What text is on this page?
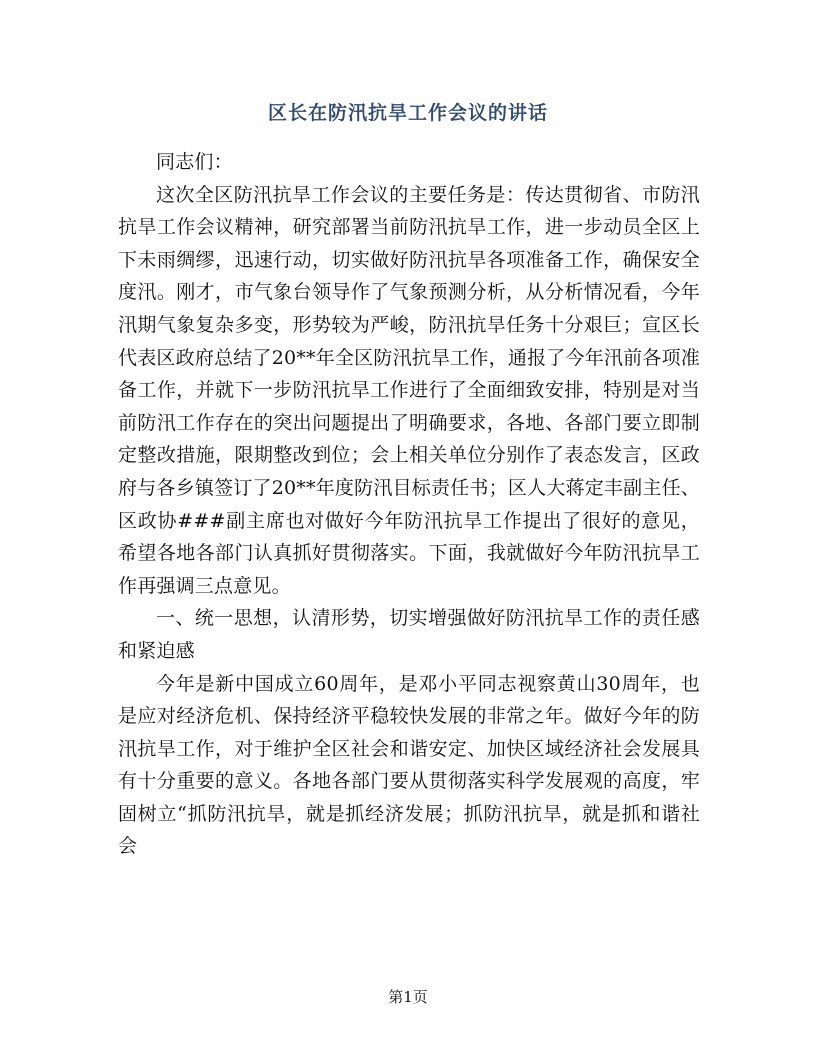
区长在防汛抗旱工作会议的讲话

同志们：

这次全区防汛抗旱工作会议的主要任务是：传达贯彻省、市防汛抗旱工作会议精神，研究部署当前防汛抗旱工作，进一步动员全区上下未雨绸缪，迅速行动，切实做好防汛抗旱各项准备工作，确保安全度汛。刚才，市气象台领导作了气象预测分析，从分析情况看，今年汛期气象复杂多变，形势较为严峻，防汛抗旱任务十分艰巨；宣区长代表区政府总结了20**年全区防汛抗旱工作，通报了今年汛前各项准备工作，并就下一步防汛抗旱工作进行了全面细致安排，特别是对当前防汛工作存在的突出问题提出了明确要求，各地、各部门要立即制定整改措施，限期整改到位；会上相关单位分别作了表态发言，区政府与各乡镇签订了20**年度防汛目标责任书；区人大蒋定丰副主任、区政协###副主席也对做好今年防汛抗旱工作提出了很好的意见，希望各地各部门认真抓好贯彻落实。下面，我就做好今年防汛抗旱工作再强调三点意见。

一、统一思想，认清形势，切实增强做好防汛抗旱工作的责任感和紧迫感

今年是新中国成立60周年，是邓小平同志视察黄山30周年，也是应对经济危机、保持经济平稳较快发展的非常之年。做好今年的防汛抗旱工作，对于维护全区社会和谐安定、加快区域经济社会发展具有十分重要的意义。各地各部门要从贯彻落实科学发展观的高度，牢固树立“抓防汛抗旱，就是抓经济发展；抓防汛抗旱，就是抓和谐社会

第1页
